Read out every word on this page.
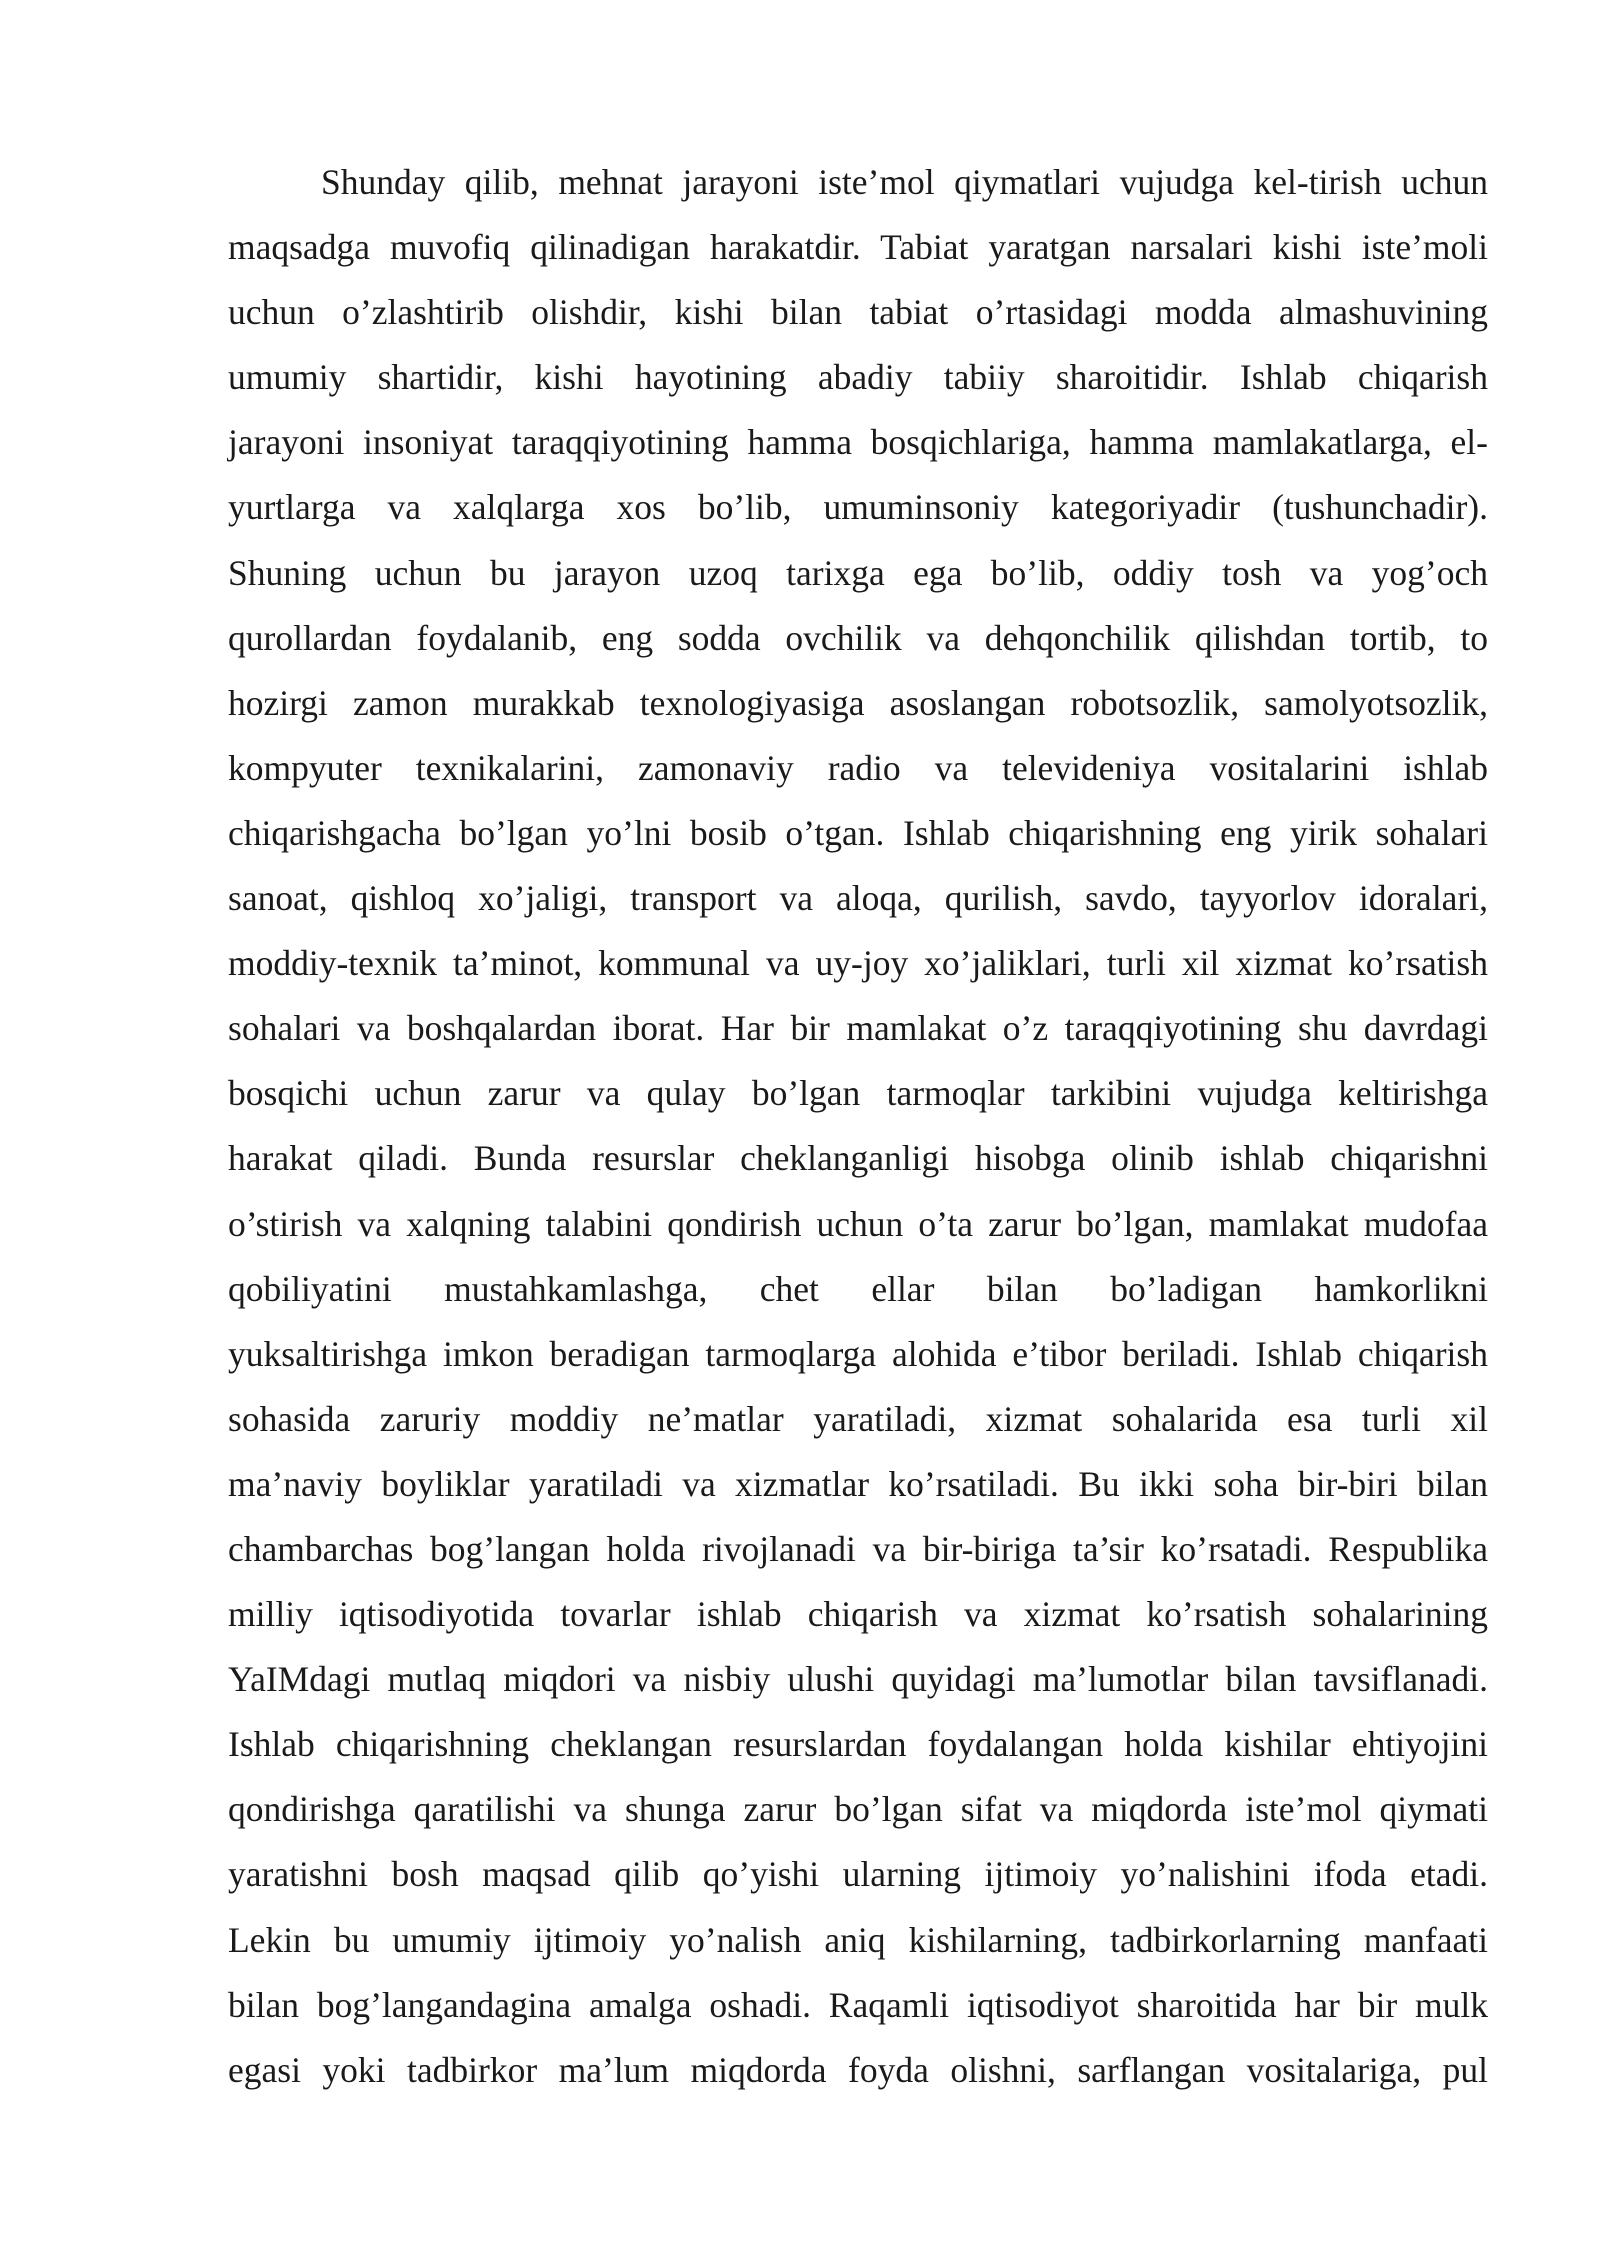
Shunday qilib, mehnat jarayoni iste’mol qiymatlari vujudga kel-tirish uchun
maqsadga muvofiq qilinadigan harakatdir. Tabiat yaratgan narsalari kishi iste’moli
uchun o’zlashtirib olishdir, kishi bilan tabiat o’rtasidagi modda almashuvining
umumiy shartidir, kishi hayotining abadiy tabiiy sharoitidir. Ishlab chiqarish
jarayoni insoniyat taraqqiyotining hamma bosqichlariga, hamma mamlakatlarga, el-
yurtlarga va xalqlarga xos bo’lib, umuminsoniy kategoriyadir (tushunchadir).
Shuning uchun bu jarayon uzoq tarixga ega bo’lib, oddiy tosh va yog’och
qurollardan foydalanib, eng sodda ovchilik va dehqonchilik qilishdan tortib, to
hozirgi zamon murakkab texnologiyasiga asoslangan robotsozlik, samolyotsozlik,
kompyuter texnikalarini, zamonaviy radio va televideniya vositalarini ishlab
chiqarishgacha bo’lgan yo’lni bosib o’tgan. Ishlab chiqarishning eng yirik sohalari
sanoat, qishloq xo’jaligi, transport va aloqa, qurilish, savdo, tayyorlov idoralari,
moddiy-texnik ta’minot, kommunal va uy-joy xo’jaliklari, turli xil xizmat ko’rsatish
sohalari va boshqalardan iborat. Har bir mamlakat o’z taraqqiyotining shu davrdagi
bosqichi uchun zarur va qulay bo’lgan tarmoqlar tarkibini vujudga keltirishga
harakat qiladi. Bunda resurslar cheklanganligi hisobga olinib ishlab chiqarishni
o’stirish va xalqning talabini qondirish uchun o’ta zarur bo’lgan, mamlakat mudofaa
qobiliyatini mustahkamlashga, chet ellar bilan bo’ladigan hamkorlikni
yuksaltirishga imkon beradigan tarmoqlarga alohida e’tibor beriladi. Ishlab chiqarish
sohasida zaruriy moddiy ne’matlar yaratiladi, xizmat sohalarida esa turli xil
ma’naviy boyliklar yaratiladi va xizmatlar ko’rsatiladi. Bu ikki soha bir-biri bilan
chambarchas bog’langan holda rivojlanadi va bir-biriga ta’sir ko’rsatadi. Respublika
milliy iqtisodiyotida tovarlar ishlab chiqarish va xizmat ko’rsatish sohalarining
YaIMdagi mutlaq miqdori va nisbiy ulushi quyidagi ma’lumotlar bilan tavsiflanadi.
Ishlab chiqarishning cheklangan resurslardan foydalangan holda kishilar ehtiyojini
qondirishga qaratilishi va shunga zarur bo’lgan sifat va miqdorda iste’mol qiymati
yaratishni bosh maqsad qilib qo’yishi ularning ijtimoiy yo’nalishini ifoda etadi.
Lekin bu umumiy ijtimoiy yo’nalish aniq kishilarning, tadbirkorlarning manfaati
bilan bog’langandagina amalga oshadi. Raqamli iqtisodiyot sharoitida har bir mulk
egasi yoki tadbirkor ma’lum miqdorda foyda olishni, sarflangan vositalariga, pul
